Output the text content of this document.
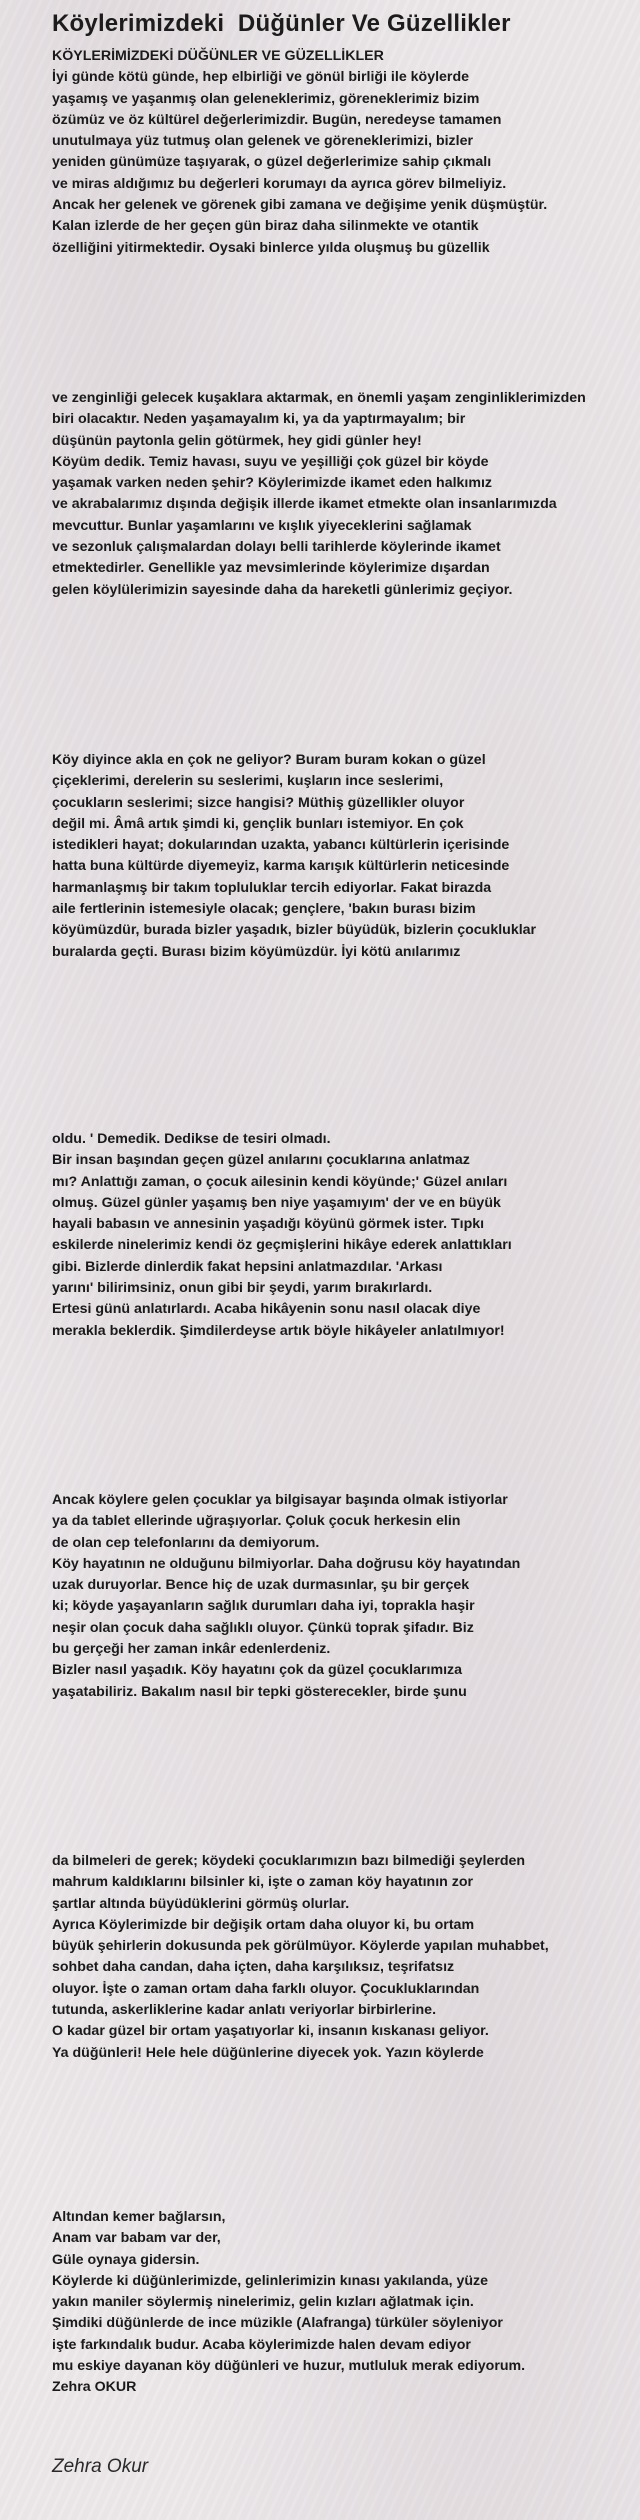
Köylerimizdeki  Düğünler Ve Güzellikler
KÖYLERİMİZDEKİ DÜĞÜNLER VE GÜZELLİKLER
İyi günde kötü günde, hep elbirliği ve gönül birliği ile köylerde
yaşamış ve yaşanmış olan geleneklerimiz, göreneklerimiz bizim
özümüz ve öz kültürel değerlerimizdir. Bugün, neredeyse tamamen
unutulmaya yüz tutmuş olan gelenek ve göreneklerimizi, bizler
yeniden günümüze taşıyarak, o güzel değerlerimize sahip çıkmalı
ve miras aldığımız bu değerleri korumayı da ayrıca görev bilmeliyiz.
Ancak her gelenek ve görenek gibi zamana ve değişime yenik düşmüştür.
Kalan izlerde de her geçen gün biraz daha silinmekte ve otantik
özelliğini yitirmektedir. Oysaki binlerce yılda oluşmuş bu güzellik
ve zenginliği gelecek kuşaklara aktarmak, en önemli yaşam zenginliklerimizden
biri olacaktır. Neden yaşamayalım ki, ya da yaptırmayalım; bir
düşünün paytonla gelin götürmek, hey gidi günler hey!
Köyüm dedik. Temiz havası, suyu ve yeşilliği çok güzel bir köyde
yaşamak varken neden şehir? Köylerimizde ikamet eden halkımız
ve akrabalarımız dışında değişik illerde ikamet etmekte olan insanlarımızda
mevcuttur. Bunlar yaşamlarını ve kışlık yiyeceklerini sağlamak
ve sezonluk çalışmalardan dolayı belli tarihlerde köylerinde ikamet
etmektedirler. Genellikle yaz mevsimlerinde köylerimize dışardan
gelen köylülerimizin sayesinde daha da hareketli günlerimiz geçiyor.
Köy diyince akla en çok ne geliyor? Buram buram kokan o güzel
çiçeklerimi, derelerin su seslerimi, kuşların ince seslerimi,
çocukların seslerimi; sizce hangisi? Müthiş güzellikler oluyor
değil mi. Âmâ artık şimdi ki, gençlik bunları istemiyor. En çok
istedikleri hayat; dokularından uzakta, yabancı kültürlerin içerisinde
hatta buna kültürde diyemeyiz, karma karışık kültürlerin neticesinde
harmanlaşmış bir takım topluluklar tercih ediyorlar. Fakat birazda
aile fertlerinin istemesiyle olacak; gençlere, 'bakın burası bizim
köyümüzdür, burada bizler yaşadık, bizler büyüdük, bizlerin çocukluklar
buralarda geçti. Burası bizim köyümüzdür. İyi kötü anılarımız
oldu. ' Demedik. Dedikse de tesiri olmadı.
Bir insan başından geçen güzel anılarını çocuklarına anlatmaz
mı? Anlattığı zaman, o çocuk ailesinin kendi köyünde;' Güzel anıları
olmuş. Güzel günler yaşamış ben niye yaşamıyım' der ve en büyük
hayali babasın ve annesinin yaşadığı köyünü görmek ister. Tıpkı
eskilerde ninelerimiz kendi öz geçmişlerini hikâye ederek anlattıkları
gibi. Bizlerde dinlerdik fakat hepsini anlatmazdılar. 'Arkası
yarını' bilirimsiniz, onun gibi bir şeydi, yarım bırakırlardı.
Ertesi günü anlatırlardı. Acaba hikâyenin sonu nasıl olacak diye
merakla beklerdik. Şimdilerdeyse artık böyle hikâyeler anlatılmıyor!
Ancak köylere gelen çocuklar ya bilgisayar başında olmak istiyorlar
ya da tablet ellerinde uğraşıyorlar. Çoluk çocuk herkesin elin
de olan cep telefonlarını da demiyorum.
Köy hayatının ne olduğunu bilmiyorlar. Daha doğrusu köy hayatından
uzak duruyorlar. Bence hiç de uzak durmasınlar, şu bir gerçek
ki; köyde yaşayanların sağlık durumları daha iyi, toprakla haşir
neşir olan çocuk daha sağlıklı oluyor. Çünkü toprak şifadır. Biz
bu gerçeği her zaman inkâr edenlerdeniz.
Bizler nasıl yaşadık. Köy hayatını çok da güzel çocuklarımıza
yaşatabiliriz. Bakalım nasıl bir tepki gösterecekler, birde şunu
da bilmeleri de gerek; köydeki çocuklarımızın bazı bilmediği şeylerden
mahrum kaldıklarını bilsinler ki, işte o zaman köy hayatının zor
şartlar altında büyüdüklerini görmüş olurlar.
Ayrıca Köylerimizde bir değişik ortam daha oluyor ki, bu ortam
büyük şehirlerin dokusunda pek görülmüyor. Köylerde yapılan muhabbet,
sohbet daha candan, daha içten, daha karşılıksız, teşrifatsız
oluyor. İşte o zaman ortam daha farklı oluyor. Çocukluklarından
tutunda, askerliklerine kadar anlatı veriyorlar birbirlerine.
O kadar güzel bir ortam yaşatıyorlar ki, insanın kıskanası geliyor.
Ya düğünleri! Hele hele düğünlerine diyecek yok. Yazın köylerde
Altından kemer bağlarsın,
Anam var babam var der,
Güle oynaya gidersin.
Köylerde ki düğünlerimizde, gelinlerimizin kınası yakılanda, yüze
yakın maniler söylermiş ninelerimiz, gelin kızları ağlatmak için.
Şimdiki düğünlerde de ince müzikle (Alafranga) türküler söyleniyor
işte farkındalık budur. Acaba köylerimizde halen devam ediyor
mu eskiye dayanan köy düğünleri ve huzur, mutluluk merak ediyorum.
Zehra OKUR

Zehra Okur
